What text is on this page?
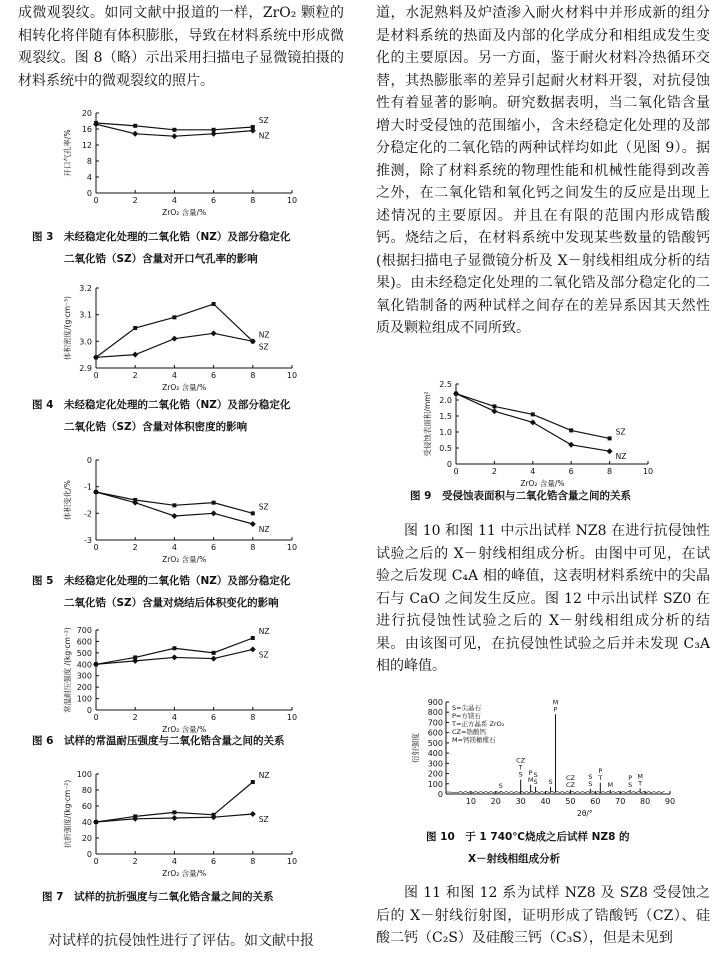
成微观裂纹。如同文献中报道的一样，ZrO₂ 颗粒的相转化将伴随有体积膨胀，导致在材料系统中形成微观裂纹。图 8（略）示出采用扫描电子显微镜拍摄的材料系统中的微观裂纹的照片。

对试样的抗侵蚀性进行了评估。如文献中报

0	2	4	6	8	10
0
4
8
12
16
20
ZrO₂ 含量/%
开口气孔率/%
SZ
NZ
图 3　未经稳定化处理的二氧化锆（NZ）及部分稳定化
二氧化锆（SZ）含量对开口气孔率的影响
0	2	4	6	8	10
2.9
3.0
3.1
3.2
ZrO₂ 含量/%
体积密度/(g·cm⁻³)	NZ
SZ
图 4　未经稳定化处理的二氧化锆（NZ）及部分稳定化
二氧化锆（SZ）含量对体积密度的影响
0	2	4	6	8	10
0
-1
-2
-3
ZrO₂ 含量/%
体积变化/%	SZ
NZ
图 5　未经稳定化处理的二氧化锆（NZ）及部分稳定化
二氧化锆（SZ）含量对烧结后体积变化的影响
0	2	4	6	8	10
0
100
200
300
400
500
600
700
ZrO₂ 含量/%
常温耐压强度 /(kg·cm⁻²)	NZ
SZ
图 6　试样的常温耐压强度与二氧化锆含量之间的关系
0	2	4	6	8	10
0
20
40
60
80
100
ZrO₂ 含量/%
抗折强度/(kg·cm⁻²)
NZ
SZ
图 7　试样的抗折强度与二氧化锆含量之间的关系

道，水泥熟料及炉渣渗入耐火材料中并形成新的组分是材料系统的热面及内部的化学成分和相组成发生变化的主要原因。另一方面，鉴于耐火材料冷热循环交替，其热膨胀率的差异引起耐火材料开裂，对抗侵蚀性有着显著的影响。研究数据表明，当二氧化锆含量增大时受侵蚀的范围缩小，含未经稳定化处理的及部分稳定化的二氧化锆的两种试样均如此（见图 9）。据推测，除了材料系统的物理性能和机械性能得到改善之外，在二氧化锆和氧化钙之间发生的反应是出现上述情况的主要原因。并且在有限的范围内形成锆酸钙。烧结之后，在材料系统中发现某些数量的锆酸钙(根据扫描电子显微镜分析及 X－射线相组成分析的结果)。由未经稳定化处理的二氧化锆及部分稳定化的二氧化锆制备的两种试样之间存在的差异系因其天然性质及颗粒组成不同所致。

0	2	4	6	8	10
0
0.5
1.0
1.5
2.0
2.5
ZrO₂ 含量/%
受侵蚀表面积/mm²	SZ
NZ
图 9　受侵蚀表面积与二氧化锆含量之间的关系

图 10 和图 11 中示出试样 NZ8 在进行抗侵蚀性试验之后的 X－射线相组成分析。由图中可见，在试验之后发现 C₄A 相的峰值，这表明材料系统中的尖晶石与 CaO 之间发生反应。图 12 中示出试样 SZ0 在进行抗侵蚀性试验之后的 X－射线相组成分析的结果。由该图可见，在抗侵蚀性试验之后并未发现 C₃A 相的峰值。

0
100
200
300
400
500
600
700
800
900
10 20 30 40 50 60 70 80 90
2θ/°
衍射强度
S=尖晶石
P=方镁石
T=正方晶系 ZrO₂
CZ=锆酸钙
M=钙镁橄榄石
M
P
CZ
T
S P
M
S
S S CZ
CZ
P
T
S
S M
P
S
M
T
S
图 10　于 1 740℃烧成之后试样 NZ8 的
X－射线相组成分析

图 11 和图 12 系为试样 NZ8 及 SZ8 受侵蚀之后的 X－射线衍射图，证明形成了锆酸钙（CZ）、硅酸二钙（C₂S）及硅酸三钙（C₃S），但是未见到
